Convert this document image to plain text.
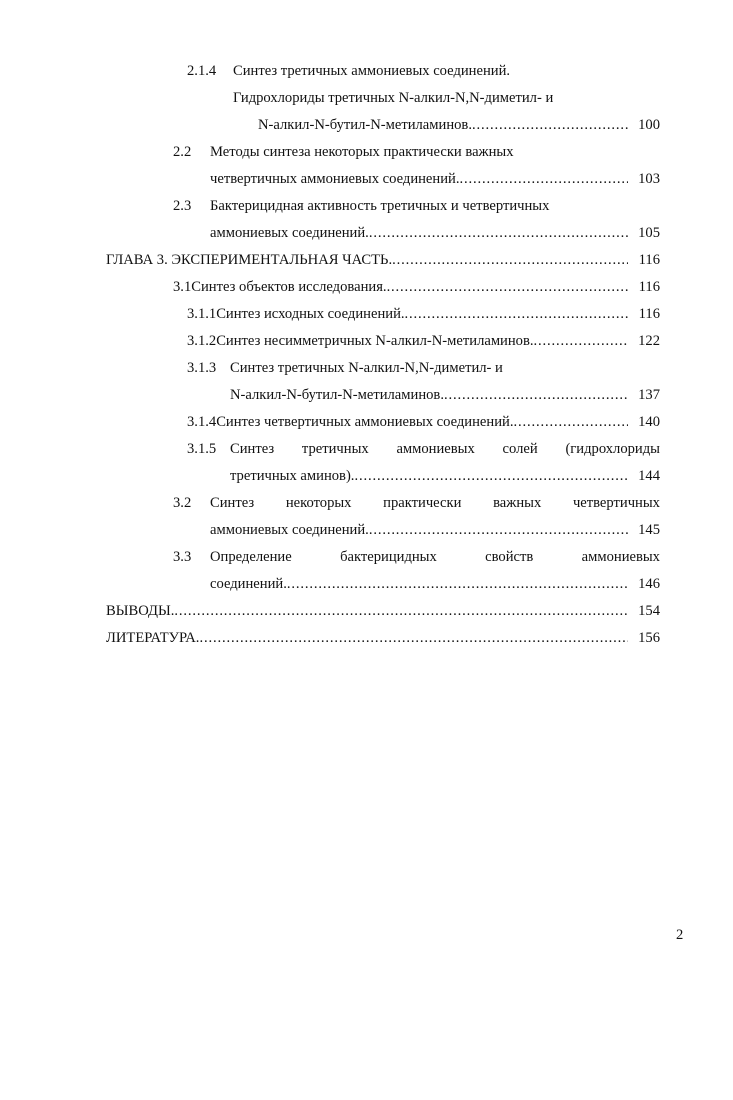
2.1.4	Синтез третичных аммониевых соединений.
Гидрохлориды третичных N-алкил-N,N-диметил- и
N-алкил-N-бутил-N-метиламинов. . . .	100
2.2	Методы синтеза некоторых практически важных
четвертичных аммониевых соединений. . . .	103
2.3	Бактерицидная активность третичных и четвертичных
аммониевых соединений. . . .	105
ГЛАВА 3. ЭКСПЕРИМЕНТАЛЬНАЯ ЧАСТЬ. . . .	116
3.1 Синтез объектов исследования. . . .	116
3.1.1 Синтез исходных соединений. . . .	116
3.1.2 Синтез несимметричных N-алкил-N-метиламинов. . . .	122
3.1.3 Синтез третичных N-алкил-N,N-диметил- и
N-алкил-N-бутил-N-метиламинов. . . .	137
3.1.4 Синтез четвертичных аммониевых соединений. . . .	140
3.1.5 Синтез третичных аммониевых солей (гидрохлориды
третичных аминов). . . .	144
3.2	Синтез некоторых практически важных четвертичных
аммониевых соединений. . . .	145
3.3	Определение	бактерицидных	свойств	аммониевых
соединений. . . .	146
ВЫВОДЫ. . . .	154
ЛИТЕРАТУРА. . . .	156
2
